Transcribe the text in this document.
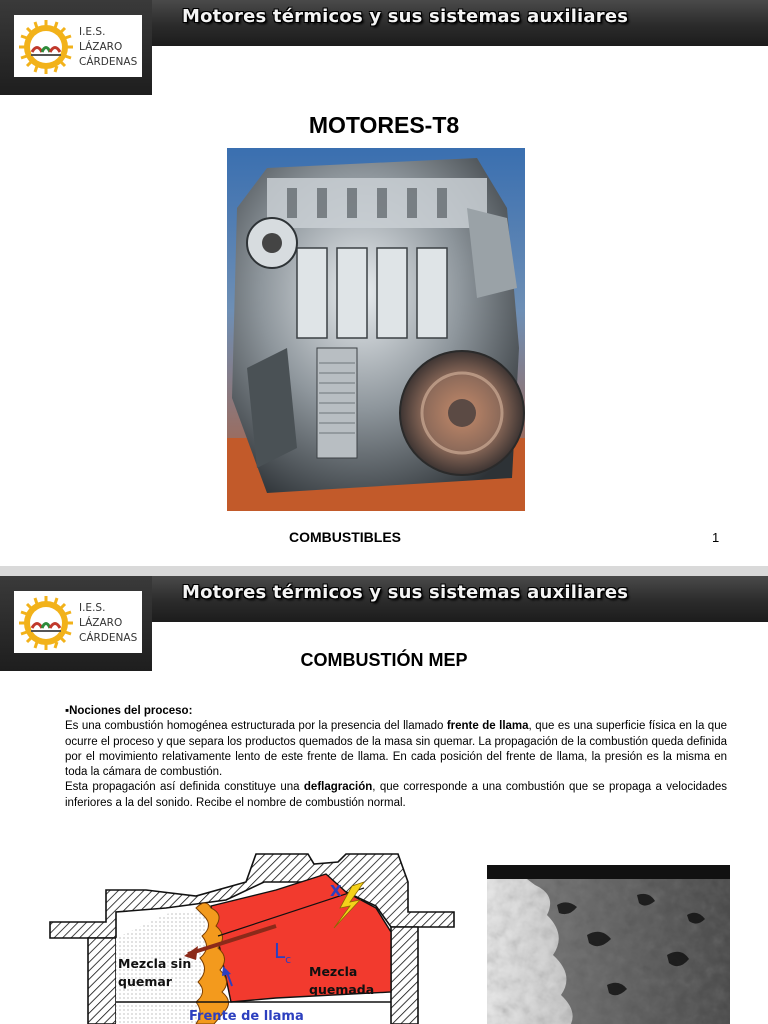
Motores térmicos y sus sistemas auxiliares
I.E.S.
LÁZARO
CÁRDENAS
MOTORES-T8
COMBUSTIBLES	1
Motores térmicos y sus sistemas auxiliares
I.E.S.
LÁZARO
CÁRDENAS
COMBUSTIÓN MEP

▪Nociones del proceso:

Es una combustión homogénea estructurada por la presencia del llamado frente de llama, que es una superficie física en la que ocurre el proceso y que separa los productos quemados de la masa sin quemar. La propagación de la combustión queda definida por el movimiento relativamente lento de este frente de llama. En cada posición del frente de llama, la presión es la misma en toda la cámara de combustión.

Esta propagación así definida constituye una deflagración, que corresponde a una combustión que se propaga a velocidades inferiores a la del sonido. Recibe el nombre de combustión normal.

Mezcla sin
quemar
Mezcla
quemada
X
$L_c$
Frente de llama
